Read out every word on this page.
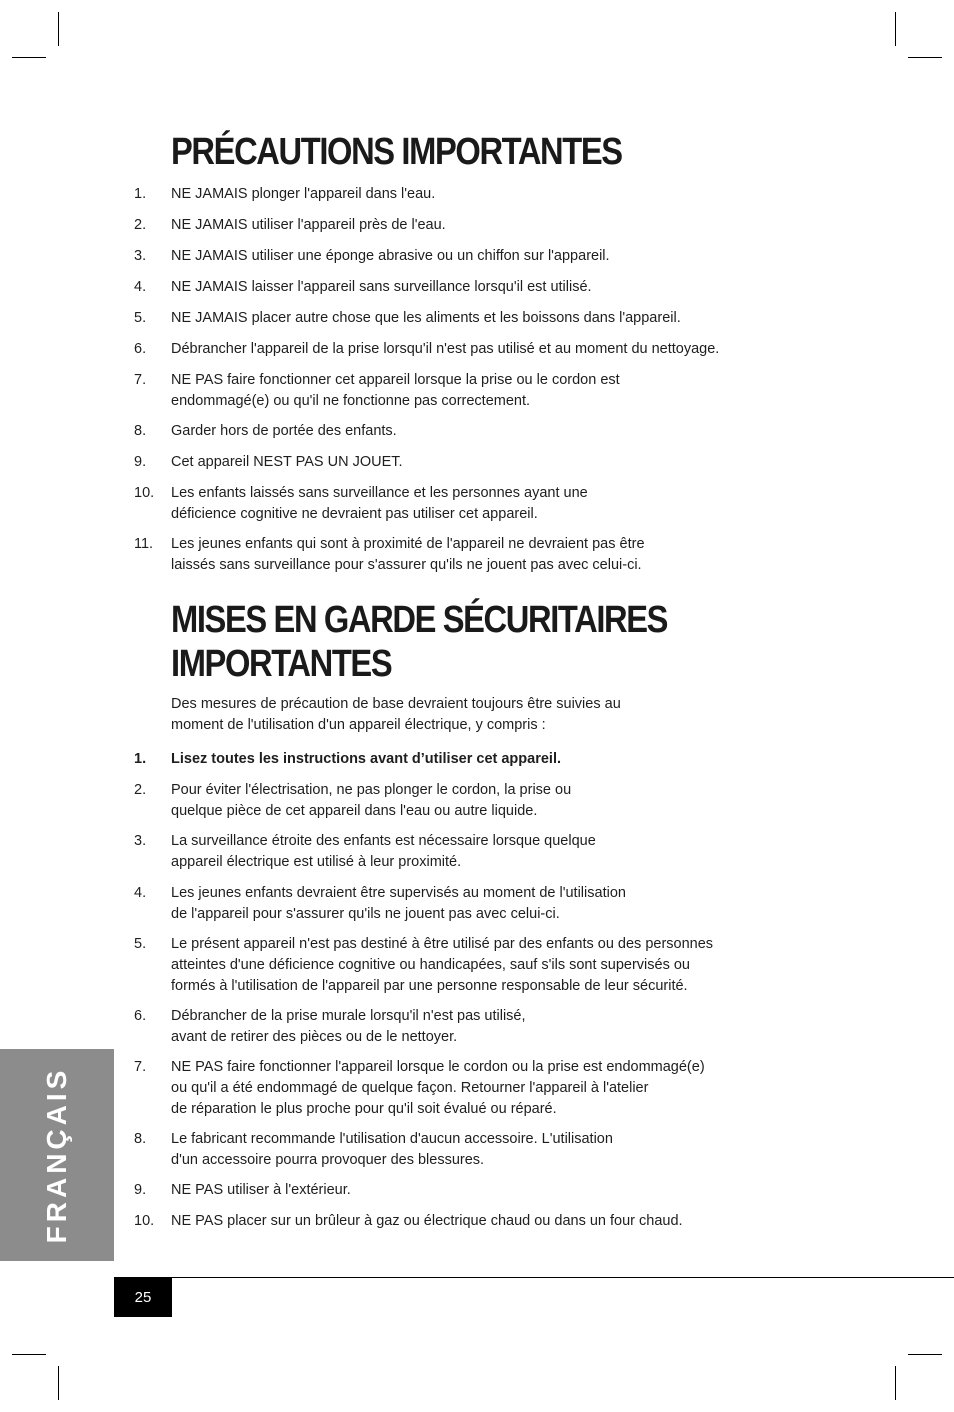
PRÉCAUTIONS IMPORTANTES
1. NE JAMAIS plonger l'appareil dans l'eau.
2. NE JAMAIS utiliser l'appareil près de l'eau.
3. NE JAMAIS utiliser une éponge abrasive ou un chiffon sur l'appareil.
4. NE JAMAIS laisser l'appareil sans surveillance lorsqu'il est utilisé.
5. NE JAMAIS placer autre chose que les aliments et les boissons dans l'appareil.
6. Débrancher l'appareil de la prise lorsqu'il n'est pas utilisé et au moment du nettoyage.
7. NE PAS faire fonctionner cet appareil lorsque la prise ou le cordon est
endommagé(e) ou qu'il ne fonctionne pas correctement.
8. Garder hors de portée des enfants.
9. Cet appareil NEST PAS UN JOUET.
10. Les enfants laissés sans surveillance et les personnes ayant une
déficience cognitive ne devraient pas utiliser cet appareil.
11. Les jeunes enfants qui sont à proximité de l'appareil ne devraient pas être
laissés sans surveillance pour s'assurer qu'ils ne jouent pas avec celui-ci.
MISES EN GARDE SÉCURITAIRES
IMPORTANTES
Des mesures de précaution de base devraient toujours être suivies au
moment de l'utilisation d'un appareil électrique, y compris :
1. Lisez toutes les instructions avant d’utiliser cet appareil.
2. Pour éviter l'électrisation, ne pas plonger le cordon, la prise ou
quelque pièce de cet appareil dans l'eau ou autre liquide.
3. La surveillance étroite des enfants est nécessaire lorsque quelque
appareil électrique est utilisé à leur proximité.
4. Les jeunes enfants devraient être supervisés au moment de l'utilisation
de l'appareil pour s'assurer qu'ils ne jouent pas avec celui-ci.
5. Le présent appareil n'est pas destiné à être utilisé par des enfants ou des personnes
atteintes d'une déficience cognitive ou handicapées, sauf s'ils sont supervisés ou
formés à l'utilisation de l'appareil par une personne responsable de leur sécurité.
6. Débrancher de la prise murale lorsqu'il n'est pas utilisé,
avant de retirer des pièces ou de le nettoyer.
7. NE PAS faire fonctionner l'appareil lorsque le cordon ou la prise est endommagé(e)
ou qu'il a été endommagé de quelque façon. Retourner l'appareil à l'atelier
de réparation le plus proche pour qu'il soit évalué ou réparé.
8. Le fabricant recommande l'utilisation d'aucun accessoire. L'utilisation
d'un accessoire pourra provoquer des blessures.
9. NE PAS utiliser à l'extérieur.
10. NE PAS placer sur un brûleur à gaz ou électrique chaud ou dans un four chaud.
FRANÇAIS
25
